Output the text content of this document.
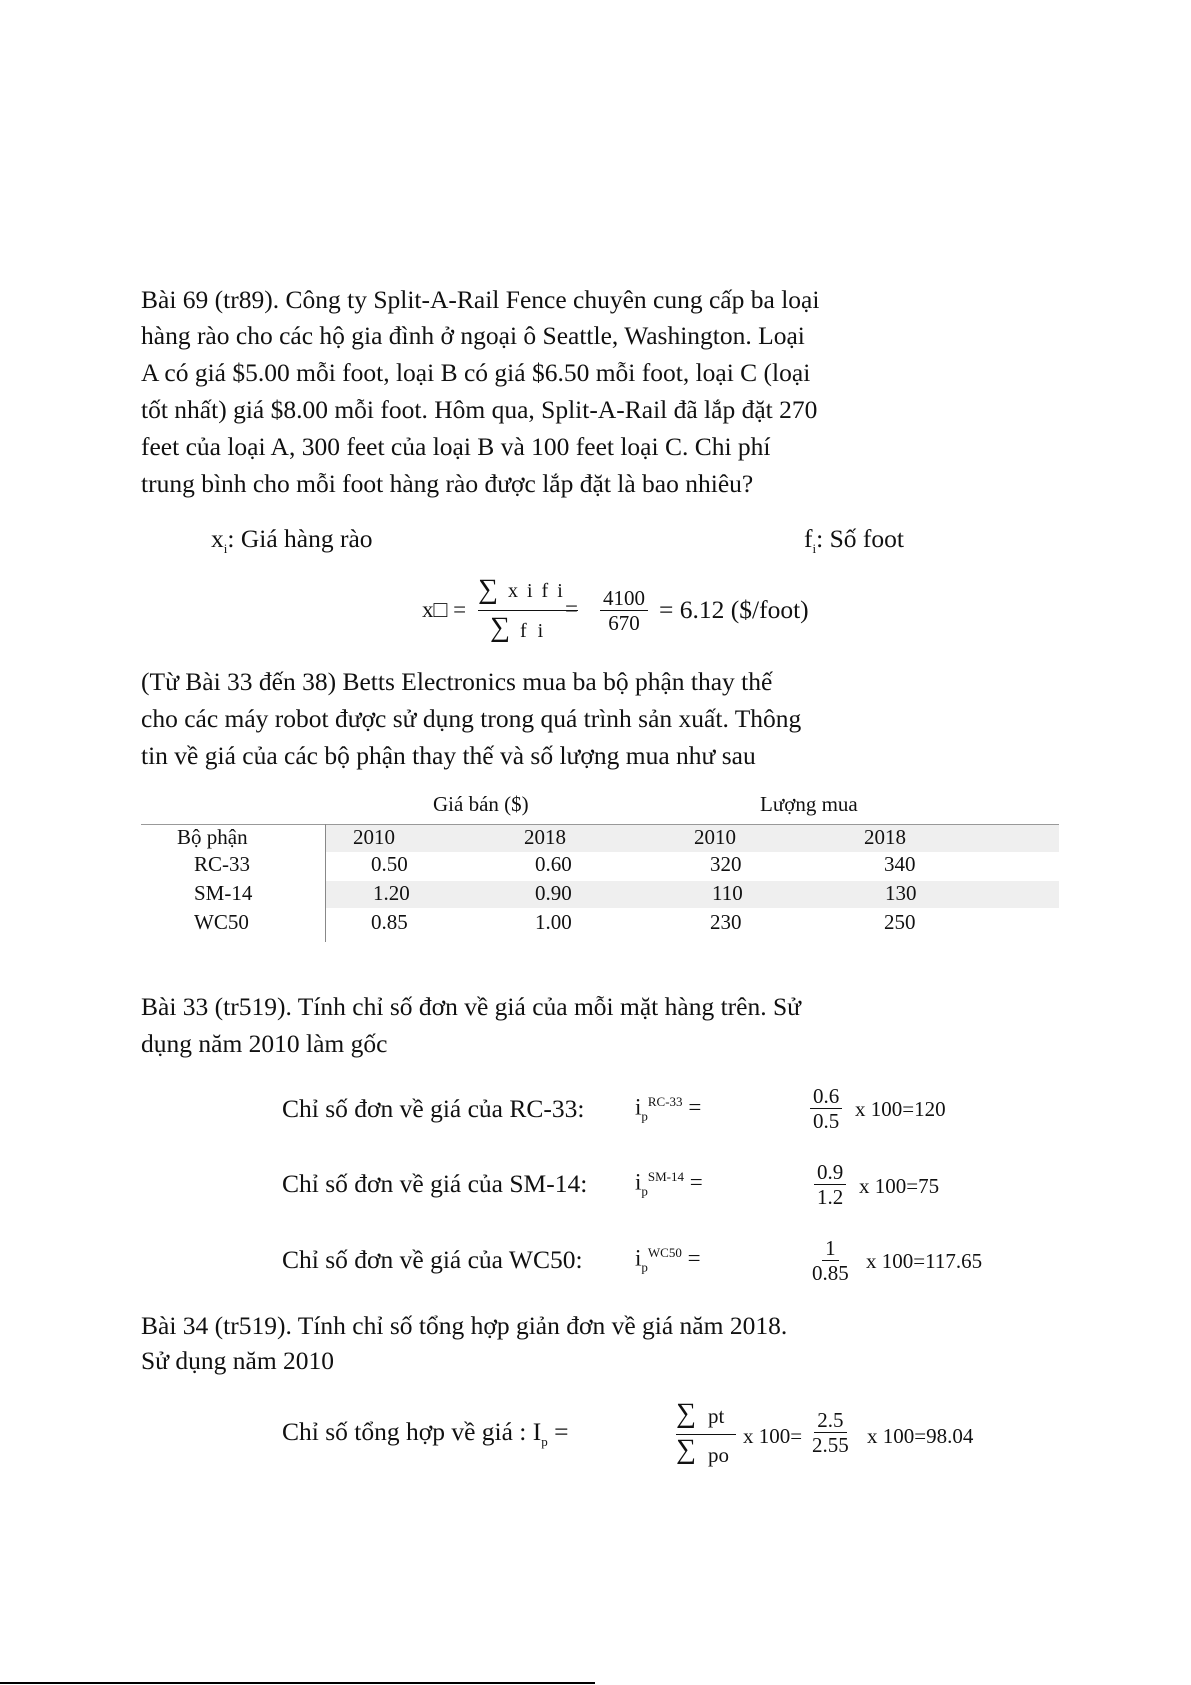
Bài 69 (tr89). Công ty Split-A-Rail Fence chuyên cung cấp ba loại
hàng rào cho các hộ gia đình ở ngoại ô Seattle, Washington. Loại
A có giá $5.00 mỗi foot, loại B có giá $6.50 mỗi foot, loại C (loại
tốt nhất) giá $8.00 mỗi foot. Hôm qua, Split-A-Rail đã lắp đặt 270
feet của loại A, 300 feet của loại B và 100 feet loại C. Chi phí
trung bình cho mỗi foot hàng rào được lắp đặt là bao nhiêu?
$x_i$: Giá hàng rào	$f_i$: Số foot
x□ =
∑ x i f i
∑ f i
= $\frac{4100}{670} = 6.12$ ($/foot)
(Từ Bài 33 đến 38) Betts Electronics mua ba bộ phận thay thế
cho các máy robot được sử dụng trong quá trình sản xuất. Thông
tin về giá của các bộ phận thay thế và số lượng mua như sau
Giá bán ($)	Lượng mua
Bộ phận	2010	2018	2010	2018
RC-33	0.50	0.60	320	340
SM-14	1.20	0.90	110	130
WC50	0.85	1.00	230	250
Bài 33 (tr519). Tính chỉ số đơn về giá của mỗi mặt hàng trên. Sử
dụng năm 2010 làm gốc
Chỉ số đơn về giá của RC-33: $i_p^{RC-33}$ =	$\frac{0.6}{0.5}$ x 100=120
Chỉ số đơn về giá của SM-14: $i_p^{SM-14}$ =	$\frac{0.9}{1.2}$ x 100=75
Chỉ số đơn về giá của WC50: $i_p^{WC50}$ =	$\frac{1}{0.85}$ x 100=117.65
Bài 34 (tr519). Tính chỉ số tổng hợp giản đơn về giá năm 2018.
Sử dụng năm 2010
Chỉ số tổng hợp về giá : $I_p$ =
∑ pt
∑ po
x $100= \frac{2.5}{2.55}$ x 100=98.04
